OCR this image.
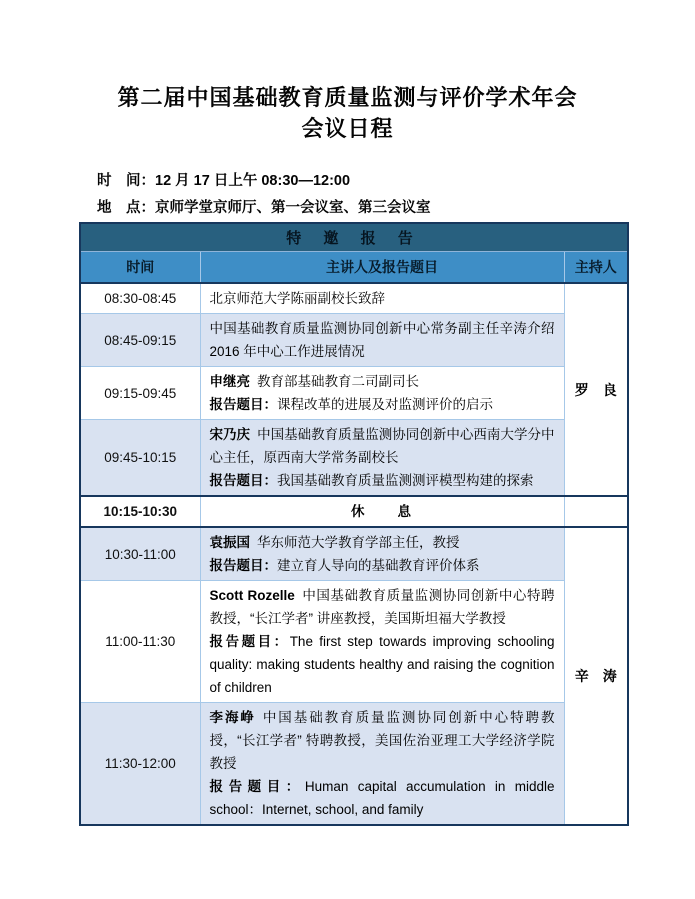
第二届中国基础教育质量监测与评价学术年会
会议日程
时　间：12 月 17 日上午 08:30—12:00
地　点：京师学堂京师厅、第一会议室、第三会议室
特 邀 报 告		
时间	主讲人及报告题目	主持人
08:30-08:45	北京师范大学陈丽副校长致辞	罗　良
08:45-09:15	中国基础教育质量监测协同创新中心常务副主任辛涛介绍 2016 年中心工作进展情况	
09:15-09:45	申继亮 教育部基础教育二司副司长
报告题目：课程改革的进展及对监测评价的启示	

09:45-10:15	宋乃庆 中国基础教育质量监测协同创新中心西南大学分中心主任，原西南大学常务副校长
报告题目：我国基础教育质量监测测评模型构建的探索	

10:15-10:30	休　　息	
10:30-11:00	袁振国 华东师范大学教育学部主任，教授
报告题目：建立育人导向的基础教育评价体系	辛　涛
11:00-11:30	Scott Rozelle 中国基础教育质量监测协同创新中心特聘教授，“长江学者” 讲座教授，美国斯坦福大学教授
报告题目：The first step towards improving schooling quality: making students healthy and raising the cognition of children	

11:30-12:00	李海峥 中国基础教育质量监测协同创新中心特聘教授，“长江学者” 特聘教授，美国佐治亚理工大学经济学院教授
报告题目：Human capital accumulation in middle school：Internet, school, and family	
